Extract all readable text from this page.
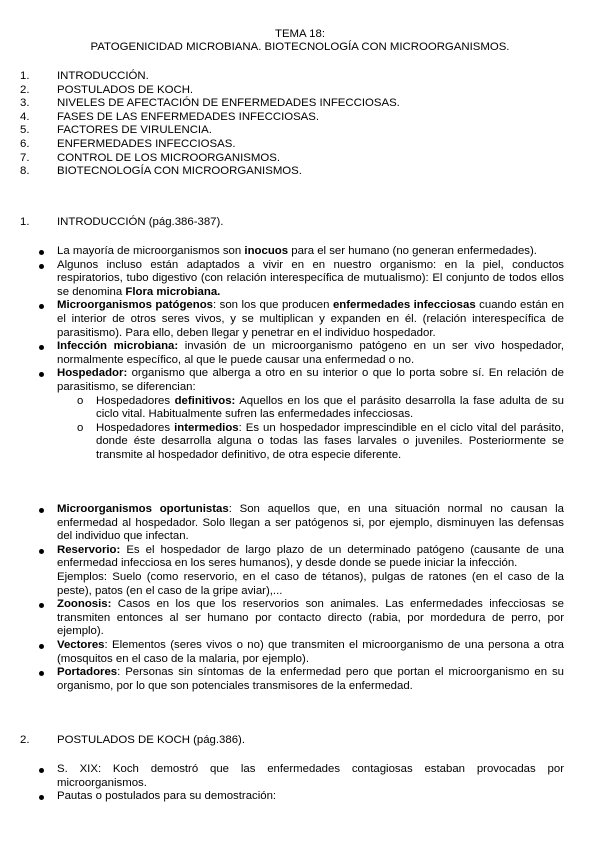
TEMA 18:
PATOGENICIDAD MICROBIANA. BIOTECNOLOGÍA CON MICROORGANISMOS.
1. INTRODUCCIÓN.
2. POSTULADOS DE KOCH.
3. NIVELES DE AFECTACIÓN DE ENFERMEDADES INFECCIOSAS.
4. FASES DE LAS ENFERMEDADES INFECCIOSAS.
5. FACTORES DE VIRULENCIA.
6. ENFERMEDADES INFECCIOSAS.
7. CONTROL DE LOS MICROORGANISMOS.
8. BIOTECNOLOGÍA CON MICROORGANISMOS.
1. INTRODUCCIÓN (pág.386-387).
La mayoría de microorganismos son inocuos para el ser humano (no generan enfermedades).
Algunos incluso están adaptados a vivir en en nuestro organismo: en la piel, conductos respiratorios, tubo digestivo (con relación interespecífica de mutualismo): El conjunto de todos ellos se denomina Flora microbiana.
Microorganismos patógenos: son los que producen enfermedades infecciosas cuando están en el interior de otros seres vivos, y se multiplican y expanden en él. (relación interespecífica de parasitismo). Para ello, deben llegar y penetrar en el individuo hospedador.
Infección microbiana: invasión de un microorganismo patógeno en un ser vivo hospedador, normalmente específico, al que le puede causar una enfermedad o no.
Hospedador: organismo que alberga a otro en su interior o que lo porta sobre sí. En relación de parasitismo, se diferencian:
o Hospedadores definitivos: Aquellos en los que el parásito desarrolla la fase adulta de su ciclo vital. Habitualmente sufren las enfermedades infecciosas.
o Hospedadores intermedios: Es un hospedador imprescindible en el ciclo vital del parásito, donde éste desarrolla alguna o todas las fases larvales o juveniles. Posteriormente se transmite al hospedador definitivo, de otra especie diferente.
Microorganismos oportunistas: Son aquellos que, en una situación normal no causan la enfermedad al hospedador. Solo llegan a ser patógenos si, por ejemplo, disminuyen las defensas del individuo que infectan.
Reservorio: Es el hospedador de largo plazo de un determinado patógeno (causante de una enfermedad infecciosa en los seres humanos), y desde donde se puede iniciar la infección.
Ejemplos: Suelo (como reservorio, en el caso de tétanos), pulgas de ratones (en el caso de la peste), patos (en el caso de la gripe aviar),...
Zoonosis: Casos en los que los reservorios son animales. Las enfermedades infecciosas se transmiten entonces al ser humano por contacto directo (rabia, por mordedura de perro, por ejemplo).
Vectores: Elementos (seres vivos o no) que transmiten el microorganismo de una persona a otra (mosquitos en el caso de la malaria, por ejemplo).
Portadores: Personas sin síntomas de la enfermedad pero que portan el microorganismo en su organismo, por lo que son potenciales transmisores de la enfermedad.
2. POSTULADOS DE KOCH (pág.386).
S. XIX: Koch demostró que las enfermedades contagiosas estaban provocadas por microorganismos.
Pautas o postulados para su demostración:
